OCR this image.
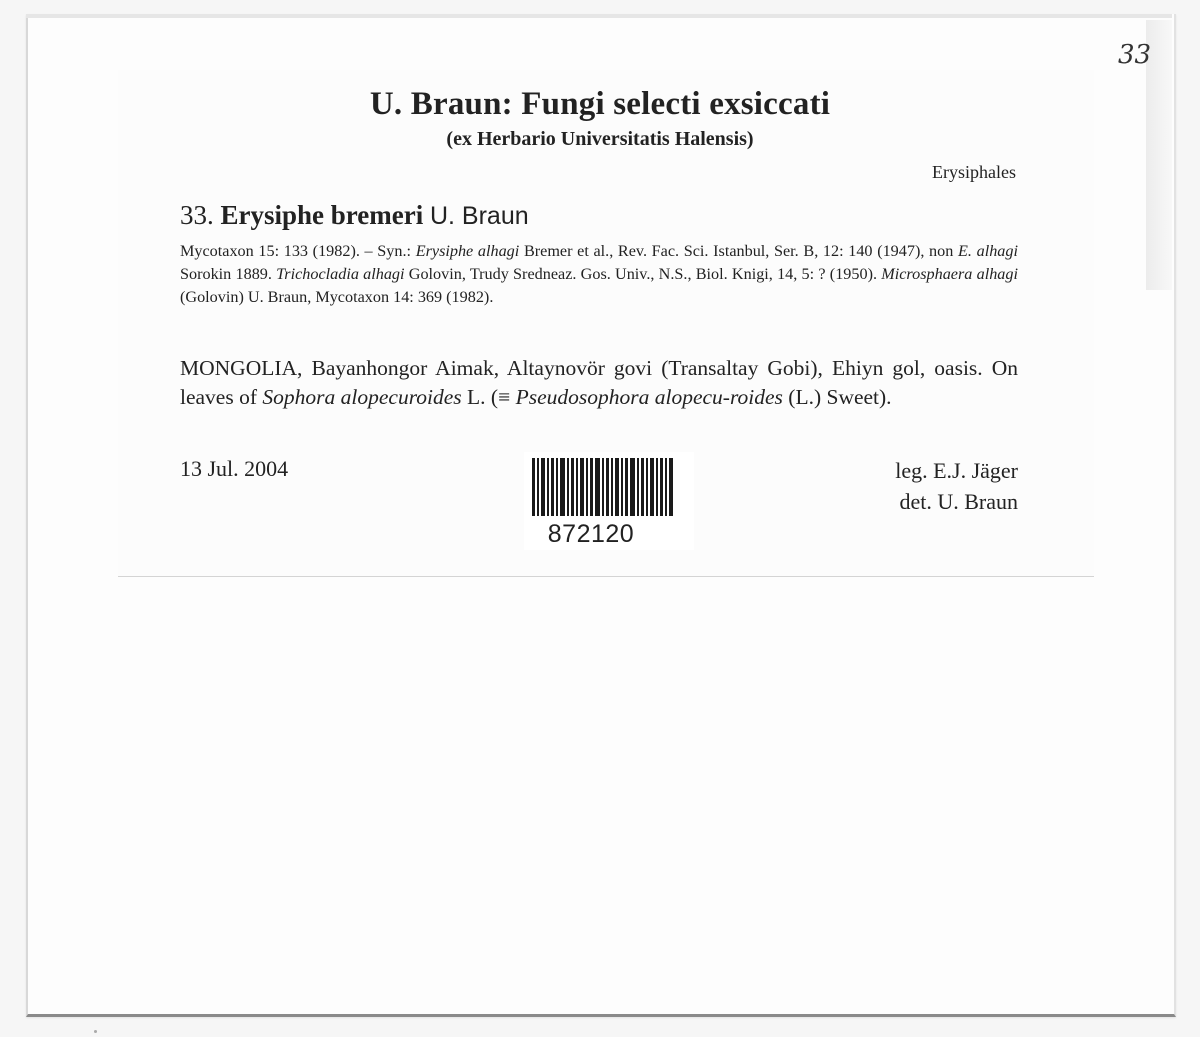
33
U. Braun: Fungi selecti exsiccati
(ex Herbario Universitatis Halensis)
Erysiphales
33. Erysiphe bremeri U. Braun
Mycotaxon 15: 133 (1982). – Syn.: Erysiphe alhagi Bremer et al., Rev. Fac. Sci. Istanbul, Ser. B, 12: 140 (1947), non E. alhagi Sorokin 1889. Trichocladia alhagi Golovin, Trudy Sredneaz. Gos. Univ., N.S., Biol. Knigi, 14, 5: ? (1950). Microsphaera alhagi (Golovin) U. Braun, Mycotaxon 14: 369 (1982).
MONGOLIA, Bayanhongor Aimak, Altaynovör govi (Transaltay Gobi), Ehiyn gol, oasis. On leaves of Sophora alopecuroides L. (≡ Pseudosophora alopecu-roides (L.) Sweet).
13 Jul. 2004	leg. E.J. Jäger
det. U. Braun
872120
